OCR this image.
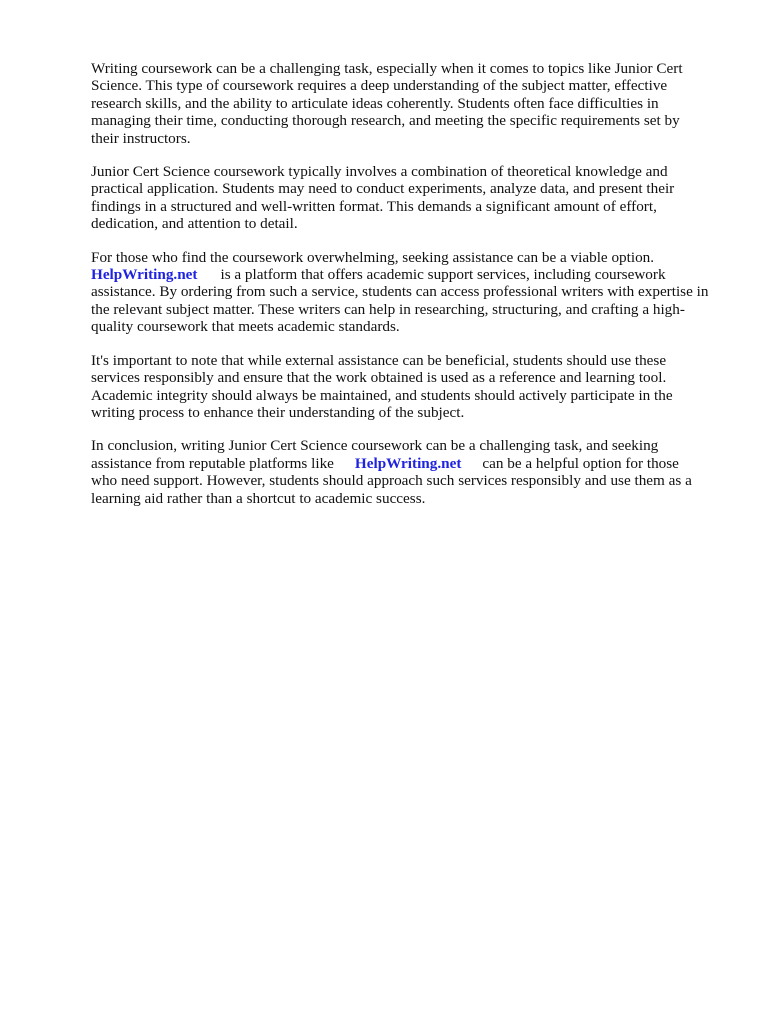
Writing coursework can be a challenging task, especially when it comes to topics like Junior Cert
Science. This type of coursework requires a deep understanding of the subject matter, effective
research skills, and the ability to articulate ideas coherently. Students often face difficulties in
managing their time, conducting thorough research, and meeting the specific requirements set by
their instructors.

Junior Cert Science coursework typically involves a combination of theoretical knowledge and
practical application. Students may need to conduct experiments, analyze data, and present their
findings in a structured and well-written format. This demands a significant amount of effort,
dedication, and attention to detail.

For those who find the coursework overwhelming, seeking assistance can be a viable option.
HelpWriting.net is a platform that offers academic support services, including coursework
assistance. By ordering from such a service, students can access professional writers with expertise in
the relevant subject matter. These writers can help in researching, structuring, and crafting a high-
quality coursework that meets academic standards.

It's important to note that while external assistance can be beneficial, students should use these
services responsibly and ensure that the work obtained is used as a reference and learning tool.
Academic integrity should always be maintained, and students should actively participate in the
writing process to enhance their understanding of the subject.

In conclusion, writing Junior Cert Science coursework can be a challenging task, and seeking
assistance from reputable platforms like HelpWriting.net can be a helpful option for those
who need support. However, students should approach such services responsibly and use them as a
learning aid rather than a shortcut to academic success.
